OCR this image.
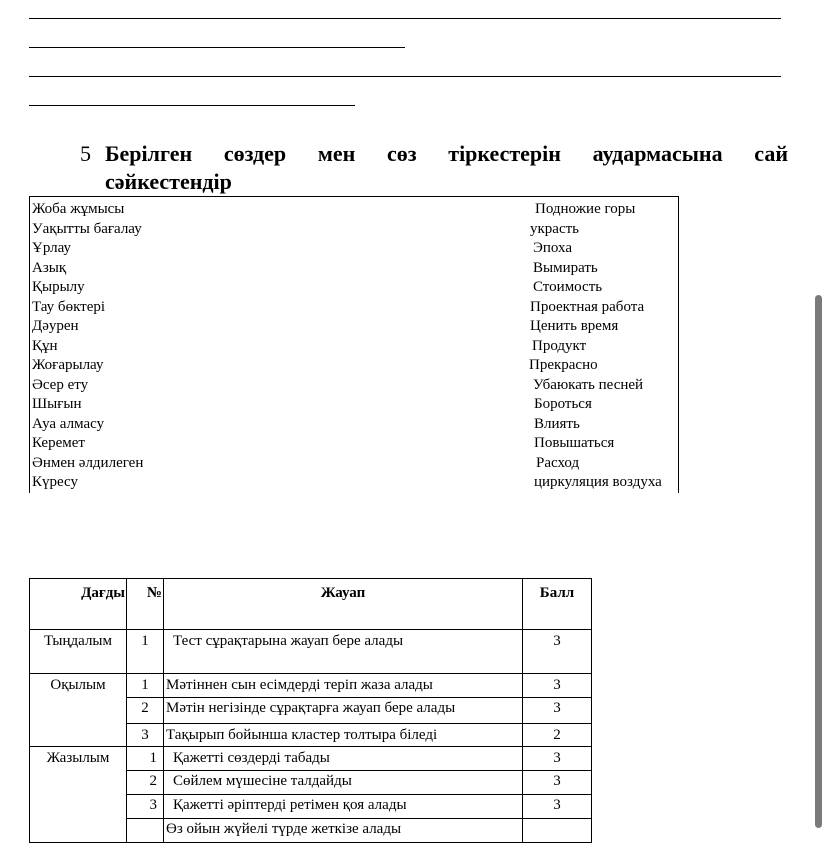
5 Берілген сөздер мен сөз тіркестерін аудармасына сай сәйкестендір
Жоба жұмысы	Подножие горы
Уақытты бағалау	украсть
Ұрлау	Эпоха
Азық	Вымирать
Қырылу	Стоимость
Тау бөктері	Проектная работа
Дәурен	Ценить время
Құн	Продукт
Жоғарылау	Прекрасно
Әсер ету	Убаюкать песней
Шығын	Бороться
Ауа алмасу	Влиять
Керемет	Повышаться
Әнмен әлдилеген	Расход
Күресу	циркуляция воздуха
Дағды	№	Жауап	Балл
Тыңдалым	1	Тест сұрақтарына жауап бере алады	3
Оқылым	1	Мәтіннен сын есімдерді теріп жаза алады	3
	2	Мәтін негізінде сұрақтарға жауап бере алады	3
	3	Тақырып бойынша кластер толтыра біледі	2
Жазылым	1	Қажетті сөздерді табады	3
	2	Сөйлем мүшесіне талдайды	3
	3	Қажетті әріптерді ретімен қоя алады	3
		Өз ойын жүйелі түрде жеткізе алады	
